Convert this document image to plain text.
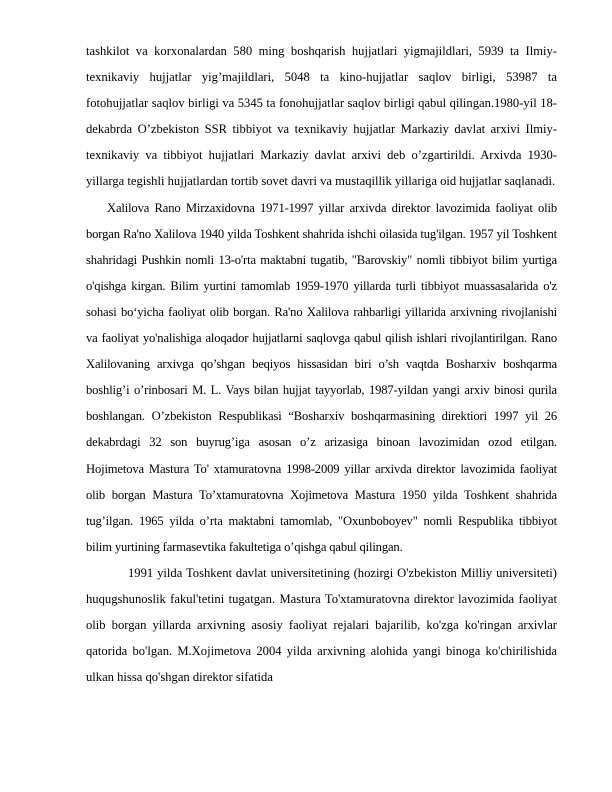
tashkilot va korxonalardan 580 ming boshqarish hujjatlari yigmajildlari, 5939 ta Ilmiy-texnikaviy hujjatlar yig’majildlari, 5048 ta kino-hujjatlar saqlov birligi, 53987 ta fotohujjatlar saqlov birligi va 5345 ta fonohujjatlar saqlov birligi qabul qilingan.1980-yil 18-dekabrda O’zbekiston SSR tibbiyot va texnikaviy hujjatlar Markaziy davlat arxivi Ilmiy-texnikaviy va tibbiyot hujjatlari Markaziy davlat arxivi deb o’zgartirildi. Arxivda 1930-yillarga tegishli hujjatlardan tortib sovet davri va mustaqillik yillariga oid hujjatlar saqlanadi.

Xalilova Rano Mirzaxidovna 1971-1997 yillar arxivda direktor lavozimida faoliyat olib borgan Ra'no Xalilova 1940 yilda Toshkent shahrida ishchi oilasida tug'ilgan. 1957 yil Toshkent shahridagi Pushkin nomli 13-o'rta maktabni tugatib, "Barovskiy" nomli tibbiyot bilim yurtiga o'qishga kirgan. Bilim yurtini tamomlab 1959-1970 yillarda turli tibbiyot muassasalarida o'z sohasi bo‘yicha faoliyat olib borgan. Ra'no Xalilova rahbarligi yillarida arxivning rivojlanishi va faoliyat yo'nalishiga aloqador hujjatlarni saqlovga qabul qilish ishlari rivojlantirilgan. Rano Xalilovaning arxivga qo’shgan beqiyos hissasidan biri o’sh vaqtda Bosharxiv boshqarma boshlig’i o’rinbosari M. L. Vays bilan hujjat tayyorlab, 1987-yildan yangi arxiv binosi qurila boshlangan. O’zbekiston Respublikasi “Bosharxiv boshqarmasining direktiori 1997 yil 26 dekabrdagi 32 son buyrug’iga asosan o’z arizasiga binoan lavozimidan ozod etilgan. Hojimetova Mastura To' xtamuratovna 1998-2009 yillar arxivda direktor lavozimida faoliyat olib borgan Mastura To’xtamuratovna Xojimetova Mastura 1950 yilda Toshkent shahrida tug’ilgan. 1965 yilda o’rta maktabni tamomlab, "Oxunboboyev" nomli Respublika tibbiyot bilim yurtining farmasevtika fakultetiga o’qishga qabul qilingan.

1991 yilda Toshkent davlat universitetining (hozirgi O'zbekiston Milliy universiteti) huqugshunoslik fakul'tetini tugatgan. Mastura To'xtamuratovna direktor lavozimida faoliyat olib borgan yillarda arxivning asosiy faoliyat rejalari bajarilib, ko'zga ko'ringan arxivlar qatorida bo'lgan. M.Xojimetova 2004 yilda arxivning alohida yangi binoga ko'chirilishida ulkan hissa qo'shgan direktor sifatida
